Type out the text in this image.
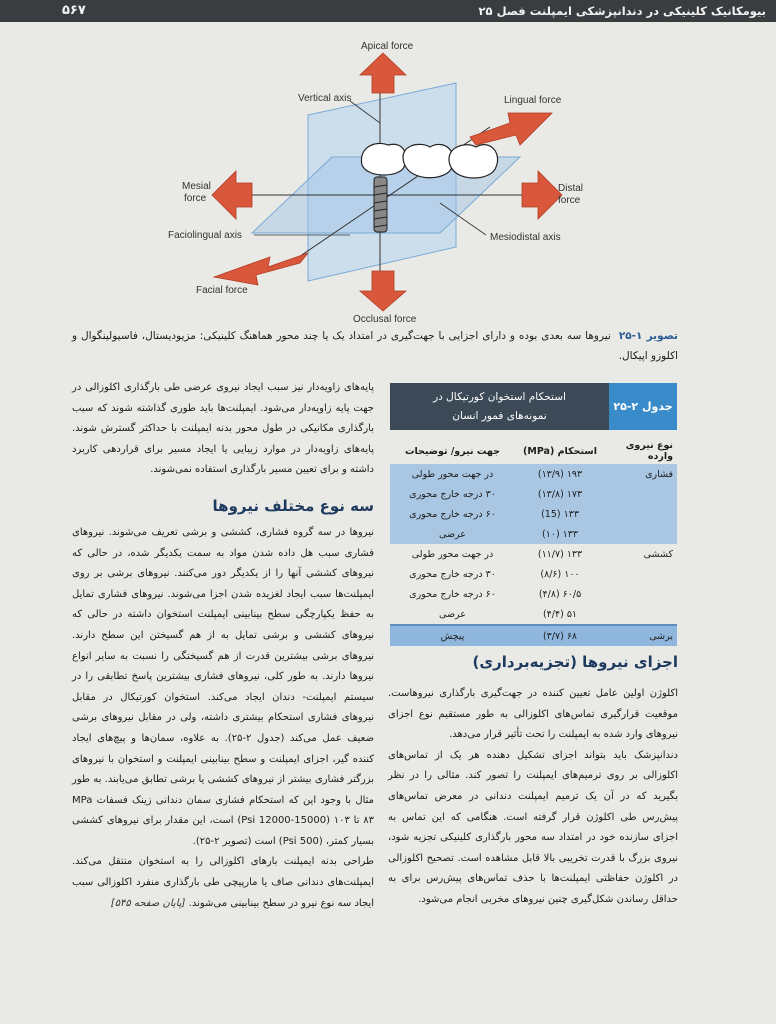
بیومکانیک کلینیکی در دندانپزشکی ایمپلنت فصل ۲۵
۵۶۷
Apical force
Vertical axis	Lingual force
Mesial
force
Distal
force
Faciolingual axis	Mesiodistal axis
Facial force
Occlusal force
تصویر ۱-۲۵نیروها سه بعدی بوده و دارای اجزایی با جهت‌گیری در امتداد یک یا چند محور هماهنگ کلینیکی: مزیودیستال، فاسیولینگوال و اکلوزو اپیکال.

پایه‌های زاویه‌دار نیز سبب ایجاد نیروی عرضی طی بارگذاری اکلوزالی در جهت پایه زاویه‌دار می‌شود. ایمپلنت‌ها باید طوری گذاشته شوند که سبب بارگذاری مکانیکی در طول محور بدنه ایمپلنت با حداکثر گسترش شوند. پایه‌های زاویه‌دار در موارد زیبایی یا ایجاد مسیر برای قراردهی کاربرد داشته و برای تعیین مسیر بارگذاری استفاده نمی‌شوند.

سه نوع مختلف نیروها

نیروها در سه گروه فشاری، کششی و برشی تعریف می‌شوند. نیروهای فشاری سبب هل داده شدن مواد به سمت یکدیگر شده، در حالی که نیروهای کششی آنها را از یکدیگر دور می‌کنند. نیروهای برشی بر روی ایمپلنت‌ها سبب ایجاد لغزیده شدن اجزا می‌شوند. نیروهای فشاری تمایل به حفظ یکپارچگی سطح بینابینی ایمپلنت استخوان داشته در حالی که نیروهای کششی و برشی تمایل به از هم گسیختن این سطح دارند. نیروهای برشی بیشترین قدرت از هم گسیختگی را نسبت به سایر انواع نیروها دارند. به طور کلی، نیروهای فشاری بیشترین پاسخ تطابقی را در سیستم ایمپلنت- دندان ایجاد می‌کند. استخوان کورتیکال در مقابل نیروهای فشاری استحکام بیشتری داشته، ولی در مقابل نیروهای برشی ضعیف عمل می‌کند (جدول ۲-۲۵). به علاوه، سمان‌ها و پیچ‌های ایجاد کننده گیر، اجزای ایمپلنت و سطح بینابینی ایمپلنت و استخوان با نیروهای بزرگتر فشاری بیشتر از نیروهای کششی یا برشی تطابق می‌یابند. به طور مثال با وجود این که استحکام فشاری سمان دندانی زینک فسفات MPa ۸۳ تا ۱۰۳ (Psi 12000-15000) است، این مقدار برای نیروهای کششی بسیار کمتر، (Psi 500) است (تصویر ۲-۲۵).

طراحی بدنه ایمپلنت بارهای اکلوزالی را به استخوان منتقل می‌کند. ایمپلنت‌های دندانی صاف یا مارپیچی طی بارگذاری منفرد اکلوزالی سبب ایجاد سه نوع نیرو در سطح بینابینی می‌شوند. [پایان صفحه ۵۴۵]

جدول ۲-۲۵
استحکام استخوان کورتیکال در
نمونه‌های فمور انسان
نوع نیروی وارده
استحکام (MPa)
جهت نیرو/ توضیحات
فشاری
۱۹۳ (۱۳/۹)
در جهت محور طولی
۱۷۳ (۱۳/۸)
۳۰ درجه خارج محوری
۱۳۳ (15)
۶۰ درجه خارج محوری
۱۳۳ (۱۰)
عرضی
کششی
۱۳۳ (۱۱/۷)
در جهت محور طولی
۱۰۰ (۸/۶)
۳۰ درجه خارج محوری
۶۰/۵ (۴/۸)
۶۰ درجه خارج محوری
۵۱ (۴/۴)
عرضی
برشی
۶۸ (۳/۷)
پیچش
اجزای نیروها (تجزیه‌برداری)

اکلوژن اولین عامل تعیین کننده در جهت‌گیری بارگذاری نیروهاست. موقعیت قرارگیری تماس‌های اکلوزالی به طور مستقیم نوع اجزای نیروهای وارد شده به ایمپلنت را تحت تأثیر قرار می‌دهد.

دندانپزشک باید بتواند اجزای تشکیل دهنده هر یک از تماس‌های اکلوزالی بر روی ترمیم‌های ایمپلنت را تصور کند. مثالی را در نظر بگیرید که در آن یک ترمیم ایمپلنت دندانی در معرض تماس‌های پیش‌رس طی اکلوژن قرار گرفته است. هنگامی که این تماس به اجزای سازنده خود در امتداد سه محور بارگذاری کلینیکی تجزیه شود، نیروی بزرگ با قدرت تخریبی بالا قابل مشاهده است. تصحیح اکلوزالی در اکلوژن حفاظتی ایمپلنت‌ها با حذف تماس‌های پیش‌رس برای به حداقل رساندن شکل‌گیری چنین نیروهای مخربی انجام می‌شود.
